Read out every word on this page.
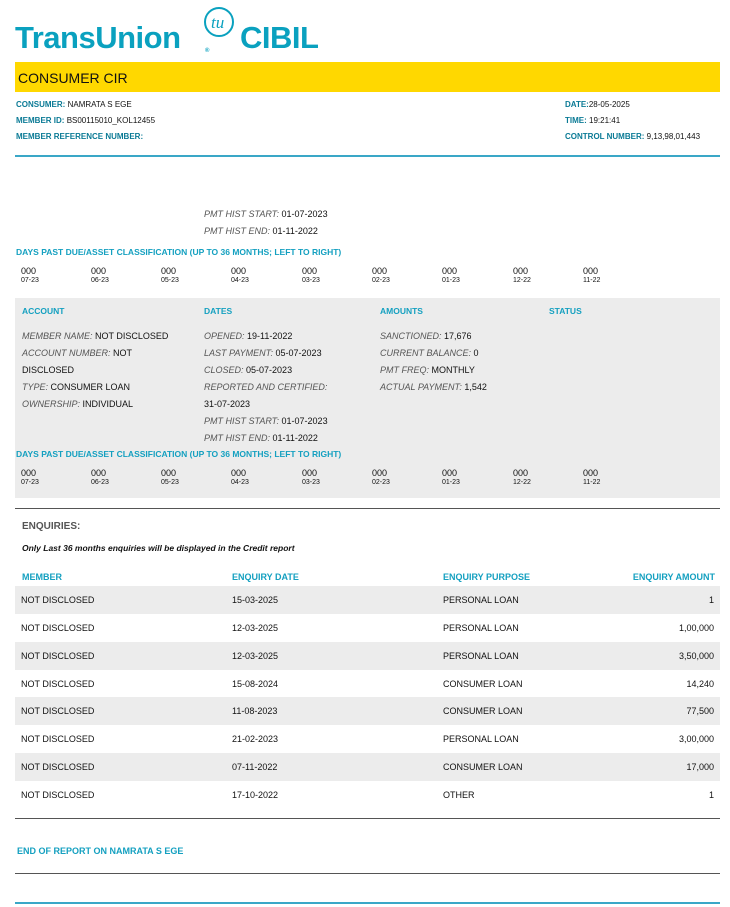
TransUnion tu
® CIBIL
CONSUMER CIR
CONSUMER: NAMRATA S EGE
MEMBER ID: BS00115010_KOL12455
MEMBER REFERENCE NUMBER:
DATE:28-05-2025
TIME: 19:21:41
CONTROL NUMBER: 9,13,98,01,443
PMT HIST START: 01-07-2023
PMT HIST END: 01-11-2022
DAYS PAST DUE/ASSET CLASSIFICATION (UP TO 36 MONTHS; LEFT TO RIGHT)
000
07-23
000
06-23
000
05-23
000
04-23
000
03-23
000
02-23
000
01-23
000
12-22
000
11-22
ACCOUNT	DATES	AMOUNTS	STATUS
MEMBER NAME: NOT DISCLOSED
ACCOUNT NUMBER: NOT
DISCLOSED
TYPE: CONSUMER LOAN
OWNERSHIP: INDIVIDUAL
OPENED: 19-11-2022
LAST PAYMENT: 05-07-2023
CLOSED: 05-07-2023
REPORTED AND CERTIFIED:
31-07-2023
PMT HIST START: 01-07-2023
PMT HIST END: 01-11-2022
SANCTIONED: 17,676
CURRENT BALANCE: 0
PMT FREQ: MONTHLY
ACTUAL PAYMENT: 1,542
DAYS PAST DUE/ASSET CLASSIFICATION (UP TO 36 MONTHS; LEFT TO RIGHT)
000
07-23
000
06-23
000
05-23
000
04-23
000
03-23
000
02-23
000
01-23
000
12-22
000
11-22
ENQUIRIES:
Only Last 36 months enquiries will be displayed in the Credit report
MEMBER	ENQUIRY DATE	ENQUIRY PURPOSE	ENQUIRY AMOUNT
NOT DISCLOSED	15-03-2025	PERSONAL LOAN	1
NOT DISCLOSED	12-03-2025	PERSONAL LOAN	1,00,000
NOT DISCLOSED	12-03-2025	PERSONAL LOAN	3,50,000
NOT DISCLOSED	15-08-2024	CONSUMER LOAN	14,240
NOT DISCLOSED	11-08-2023	CONSUMER LOAN	77,500
NOT DISCLOSED	21-02-2023	PERSONAL LOAN	3,00,000
NOT DISCLOSED	07-11-2022	CONSUMER LOAN	17,000
NOT DISCLOSED	17-10-2022	OTHER	1
END OF REPORT ON NAMRATA S EGE
